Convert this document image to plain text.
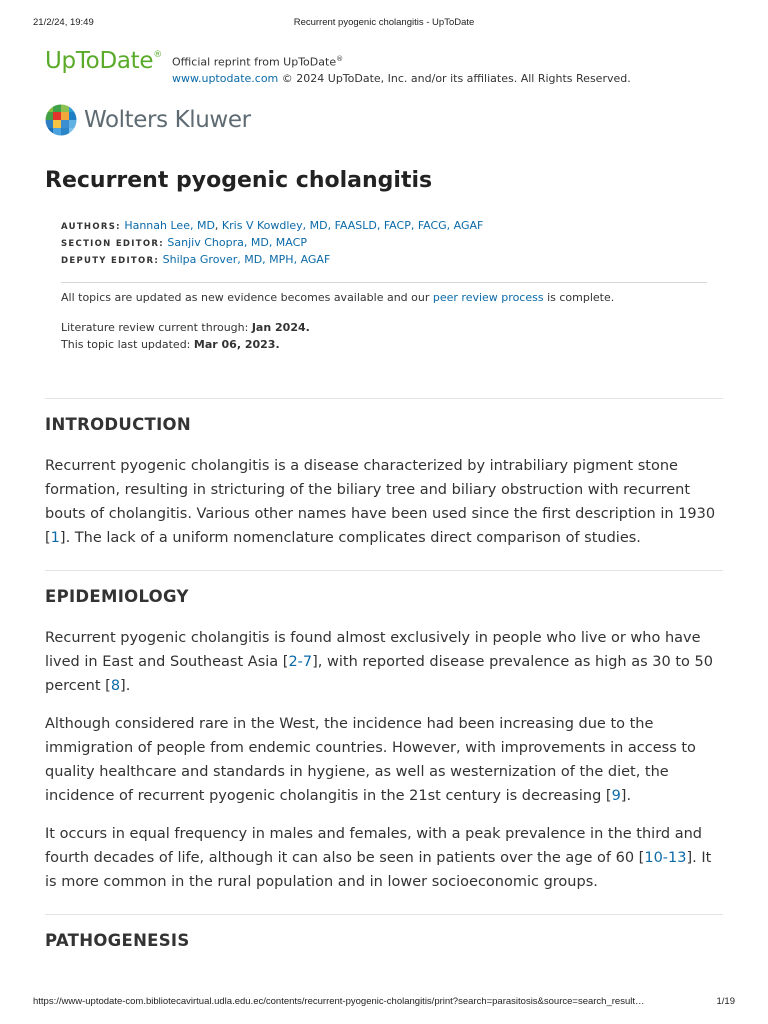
21/2/24, 19:49	Recurrent pyogenic cholangitis - UpToDate
UpToDate®
Official reprint from UpToDate®
www.uptodate.com © 2024 UpToDate, Inc. and/or its affiliates. All Rights Reserved.
Wolters Kluwer
Recurrent pyogenic cholangitis
AUTHORS: Hannah Lee, MD, Kris V Kowdley, MD, FAASLD, FACP, FACG, AGAF
SECTION EDITOR: Sanjiv Chopra, MD, MACP
DEPUTY EDITOR: Shilpa Grover, MD, MPH, AGAF

All topics are updated as new evidence becomes available and our peer review process is complete.

Literature review current through: Jan 2024.

This topic last updated: Mar 06, 2023.

INTRODUCTION

Recurrent pyogenic cholangitis is a disease characterized by intrabiliary pigment stone formation, resulting in stricturing of the biliary tree and biliary obstruction with recurrent bouts of cholangitis. Various other names have been used since the first description in 1930 [1]. The lack of a uniform nomenclature complicates direct comparison of studies.

EPIDEMIOLOGY

Recurrent pyogenic cholangitis is found almost exclusively in people who live or who have lived in East and Southeast Asia [2-7], with reported disease prevalence as high as 30 to 50 percent [8].

Although considered rare in the West, the incidence had been increasing due to the immigration of people from endemic countries. However, with improvements in access to quality healthcare and standards in hygiene, as well as westernization of the diet, the incidence of recurrent pyogenic cholangitis in the 21st century is decreasing [9].

It occurs in equal frequency in males and females, with a peak prevalence in the third and fourth decades of life, although it can also be seen in patients over the age of 60 [10-13]. It is more common in the rural population and in lower socioeconomic groups.

PATHOGENESIS
https://www-uptodate-com.bibliotecavirtual.udla.edu.ec/contents/recurrent-pyogenic-cholangitis/print?search=parasitosis&source=search_result…	1/19
